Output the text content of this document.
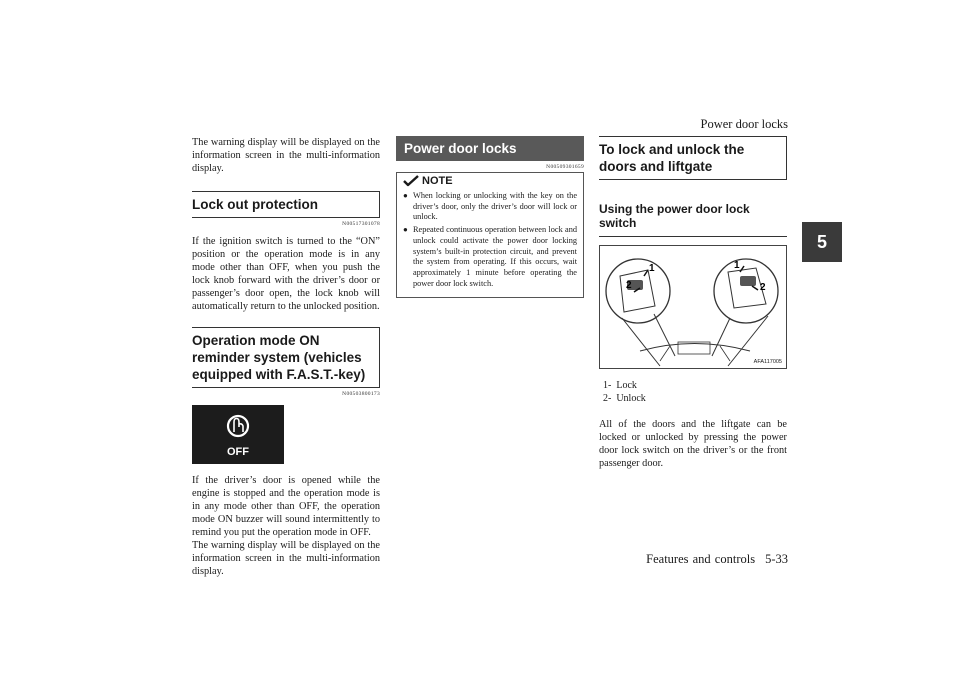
Power door locks
5

The warning display will be displayed on the information screen in the multi-information display.

Lock out protection
N00517301078

If the ignition switch is turned to the “ON” position or the operation mode is in any mode other than OFF, when you push the lock knob forward with the driver’s door or passenger’s door open, the lock knob will automatically return to the unlocked position.

Operation mode ON reminder system (vehicles equipped with F.A.S.T.-key)
N00503800173
OFF

If the driver’s door is opened while the engine is stopped and the operation mode is in any mode other than OFF, the operation mode ON buzzer will sound intermittently to remind you put the operation mode in OFF.

The warning display will be displayed on the information screen in the multi-information display.

Power door locks
N00509301659
NOTE
● When locking or unlocking with the key on the driver’s door, only the driver’s door will lock or unlock.
● Repeated continuous operation between lock and unlock could activate the power door locking system’s built-in protection circuit, and prevent the system from operating. If this occurs, wait approximately 1 minute before operating the power door lock switch.
To lock and unlock the doors and liftgate
Using the power door lock switch
1
2
1
2
AFA117005
1-  Lock
2-  Unlock

All of the doors and the liftgate can be locked or unlocked by pressing the power door lock switch on the driver’s or the front passenger door.

Features and controls 5-33
